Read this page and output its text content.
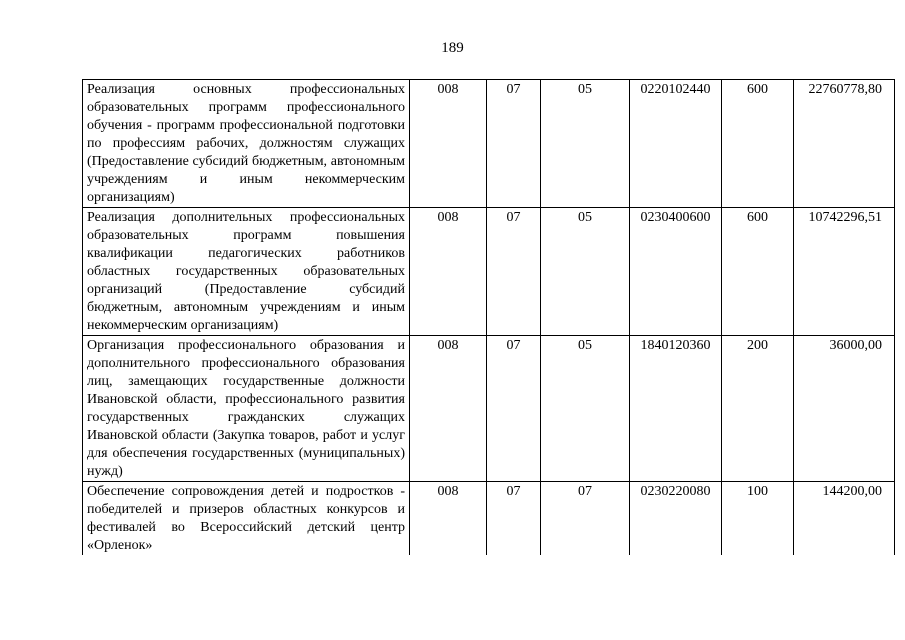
189
Реализация основных профессиональных образовательных программ профессионального обучения - программ профессиональной подготовки по профессиям рабочих, должностям служащих (Предоставление субсидий бюджетным, автономным учреждениям и иным некоммерческим организациям)	008	07	05	0220102440	600	22760778,80
Реализация дополнительных профессиональных образовательных программ повышения квалификации педагогических работников областных государственных образовательных организаций (Предоставление субсидий бюджетным, автономным учреждениям и иным некоммерческим организациям)	008	07	05	0230400600	600	10742296,51
Организация профессионального образования и дополнительного профессионального образования лиц, замещающих государственные должности Ивановской области, профессионального развития государственных гражданских служащих Ивановской области (Закупка товаров, работ и услуг для обеспечения государственных (муниципальных) нужд)	008	07	05	1840120360	200	36000,00
Обеспечение сопровождения детей и подростков - победителей и призеров областных конкурсов и фестивалей во Всероссийский детский центр «Орленок»	008	07	07	0230220080	100	144200,00
